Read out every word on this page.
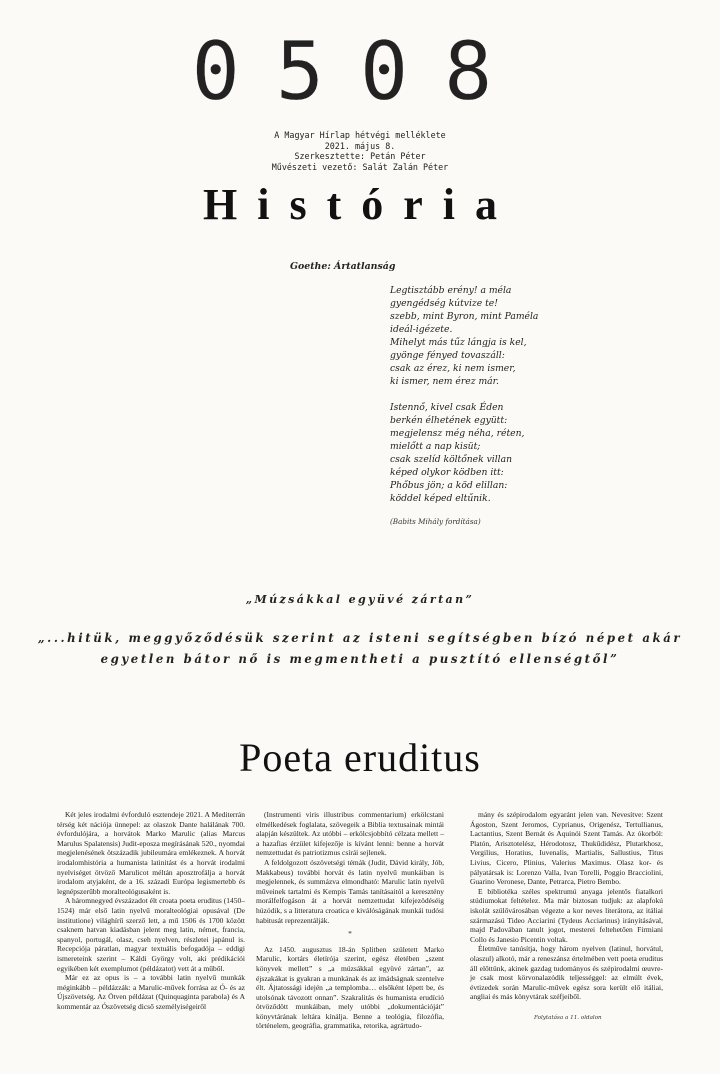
0508
A Magyar Hírlap hétvégi melléklete
2021. május 8.
Szerkesztette: Petán Péter
Művészeti vezető: Salát Zalán Péter
História
Goethe: Ártatlanság
Legtisztább erény! a méla
gyengédség kútvize te!
szebb, mint Byron, mint Paméla
ideál-igézete.
Mihelyt más tűz lángja is kel,
gyönge fényed tovaszáll:
csak az érez, ki nem ismer,
ki ismer, nem érez már.
Istennő, kivel csak Éden
berkén élhetének együtt:
megjelensz még néha, réten,
mielőtt a nap kisüt;
csak szelíd költőnek villan
képed olykor ködben itt:
Phőbus jön; a köd elillan:
köddel képed eltűnik.
(Babits Mihály fordítása)
„Múzsákkal együvé zártan”
„...hitük, meggyőződésük szerint az isteni segítségben bízó népet akár
egyetlen bátor nő is megmentheti a pusztító ellenségtől”
Poeta eruditus

Két jeles irodalmi évforduló esztendeje 2021. A Mediterrán térség két nációja ünnepel: az olaszok Dante halálának 700. évfordulójára, a horvátok Marko Marulic (alias Marcus Marulus Spalatensis) Judit-eposza megírásának 520., nyomdai megjelenésének ötszázadik jubileumára emlékeznek. A horvát irodalomhistória a humanista latinitást és a horvát irodalmi nyelviséget ötvöző Marulicot méltán aposztrofálja a horvát irodalom atyjaként, de a 16. századi Európa legismertebb és legnépszerűbb moralteológusaként is.

A háromnegyed évszázadot élt croata poeta eruditus (1450–1524) már első latin nyelvű moralteológiai opusával (De institutione) világhírű szerző lett, a mű 1506 és 1700 között csaknem hatvan kiadásban jelent meg latin, német, francia, spanyol, portugál, olasz, cseh nyelven, részletei japánul is. Recepciója páratlan, magyar textuális befogadója – eddigi ismereteink szerint – Káldi György volt, aki prédikációi egyikében két exemplumot (példázatot) vett át a műből.

Már ez az opus is – a további latin nyelvű munkák méginkább – példázzák: a Marulic-művek forrása az Ó- és az Újszövetség. Az Ötven példázat (Quinquaginta parabola) és A kommentár az Ószövetség dicső személyiségeiről

(Instrumenti viris illustribus commentarium) erkölcstani elmélkedések foglalata, szövegeik a Biblia textusainak mintái alapján készültek. Az utóbbi – erkölcsjobbító célzata mellett – a hazafias érzület kifejezője is kívánt lenni: benne a horvát nemzettudat és patriotizmus csírái sejlenek.

A feldolgozott ószövetségi témák (Judit, Dávid király, Jób, Makkabeus) további horvát és latin nyelvű munkáiban is megjelennek, és summázva elmondható: Marulic latin nyelvű műveinek tartalmi és Kempis Tamás tanításaitól a keresztény morálfelfogáson át a horvát nemzettudat kifejezödéséig húzódik, s a litteratura croatica e kiválóságának munkái tudósi habitusát reprezentálják.

*

Az 1450. augusztus 18-án Splitben született Marko Marulic, kortárs életírója szerint, egész életében „szent könyvek mellett” s „a múzsákkal együvé zártan”, az éjszakákat is gyakran a munkának és az imádságnak szentelve élt. Ájtatossági idején „a templomba… elsőként lépett be, és utolsónak távozott onnan”. Szakralitás és humanista erudíció ötvöződött munkáiban, mely utóbbi „dokumentációját” könyvtárának leltára kínálja. Benne a teológia, filozófia, történelem, geográfia, grammatika, retorika, agrártudo-

mány és szépirodalom egyaránt jelen van. Nevesítve: Szent Ágoston, Szent Jeromos, Cyprianus, Origenész, Tertullianus, Lactantius, Szent Bernát és Aquinói Szent Tamás. Az ókorból: Platón, Arisztotelész, Hérodotosz, Thukűdidész, Plutarkhosz, Vergilius, Horatius, Iuvenalis, Martialis, Sallustius, Titus Livius, Cicero, Plinius, Valerius Maximus. Olasz kor- és pályatársak is: Lorenzo Valla, Ivan Torelli, Poggio Bracciolini, Guarino Veronese, Dante, Petrarca, Pietro Bembo.

E bibliotéka széles spektrumú anyaga jelentős fiatalkori stúdiumokat feltételez. Ma már biztosan tudjuk: az alapfokú iskolát szülővárosában végezte a kor neves literátora, az itáliai származású Tideo Acciarini (Tydeus Acciarinus) irányításával, majd Padovában tanult jogot, mesterei feltehetően Firmiani Collo és Janesio Picentin voltak.

Életműve tanúsítja, hogy három nyelven (latinul, horvátul, olaszul) alkotó, már a reneszánsz értelmében vett poeta eruditus áll előttünk, akinek gazdag tudományos és szépirodalmi œuvre-je csak most körvonalazódik teljességgel: az elmúlt évek, évtizedek során Marulic-művek egész sora került elő itáliai, angliai és más könyvtárak széfjeiből.

Folytatása a 11. oldalon
